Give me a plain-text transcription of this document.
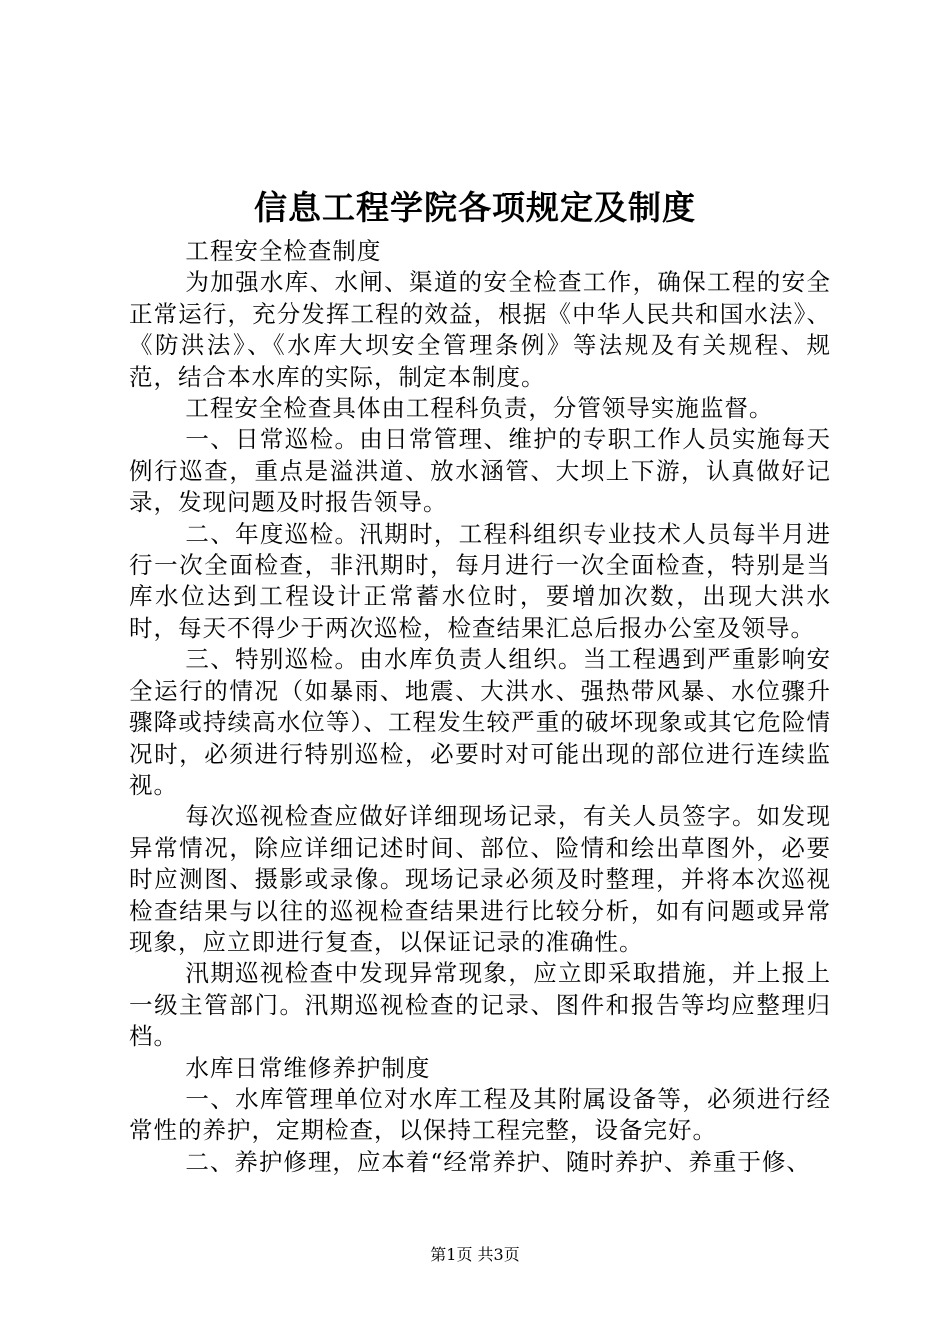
信息工程学院各项规定及制度

工程安全检查制度

为加强水库、水闸、渠道的安全检查工作，确保工程的安全正常运行，充分发挥工程的效益，根据《中华人民共和国水法》、《防洪法》、《水库大坝安全管理条例》等法规及有关规程、规范，结合本水库的实际，制定本制度。

工程安全检查具体由工程科负责，分管领导实施监督。

一、日常巡检。由日常管理、维护的专职工作人员实施每天例行巡查，重点是溢洪道、放水涵管、大坝上下游，认真做好记录，发现问题及时报告领导。

二、年度巡检。汛期时，工程科组织专业技术人员每半月进行一次全面检查，非汛期时，每月进行一次全面检查，特别是当库水位达到工程设计正常蓄水位时，要增加次数，出现大洪水时，每天不得少于两次巡检，检查结果汇总后报办公室及领导。

三、特别巡检。由水库负责人组织。当工程遇到严重影响安全运行的情况（如暴雨、地震、大洪水、强热带风暴、水位骤升骤降或持续高水位等）、工程发生较严重的破坏现象或其它危险情况时，必须进行特别巡检，必要时对可能出现的部位进行连续监视。

每次巡视检查应做好详细现场记录，有关人员签字。如发现异常情况，除应详细记述时间、部位、险情和绘出草图外，必要时应测图、摄影或录像。现场记录必须及时整理，并将本次巡视检查结果与以往的巡视检查结果进行比较分析，如有问题或异常现象，应立即进行复查，以保证记录的准确性。

汛期巡视检查中发现异常现象，应立即采取措施，并上报上一级主管部门。汛期巡视检查的记录、图件和报告等均应整理归档。

水库日常维修养护制度

一、水库管理单位对水库工程及其附属设备等，必须进行经常性的养护，定期检查，以保持工程完整，设备完好。

二、养护修理，应本着“经常养护、随时养护、养重于修、

第1页 共3页
